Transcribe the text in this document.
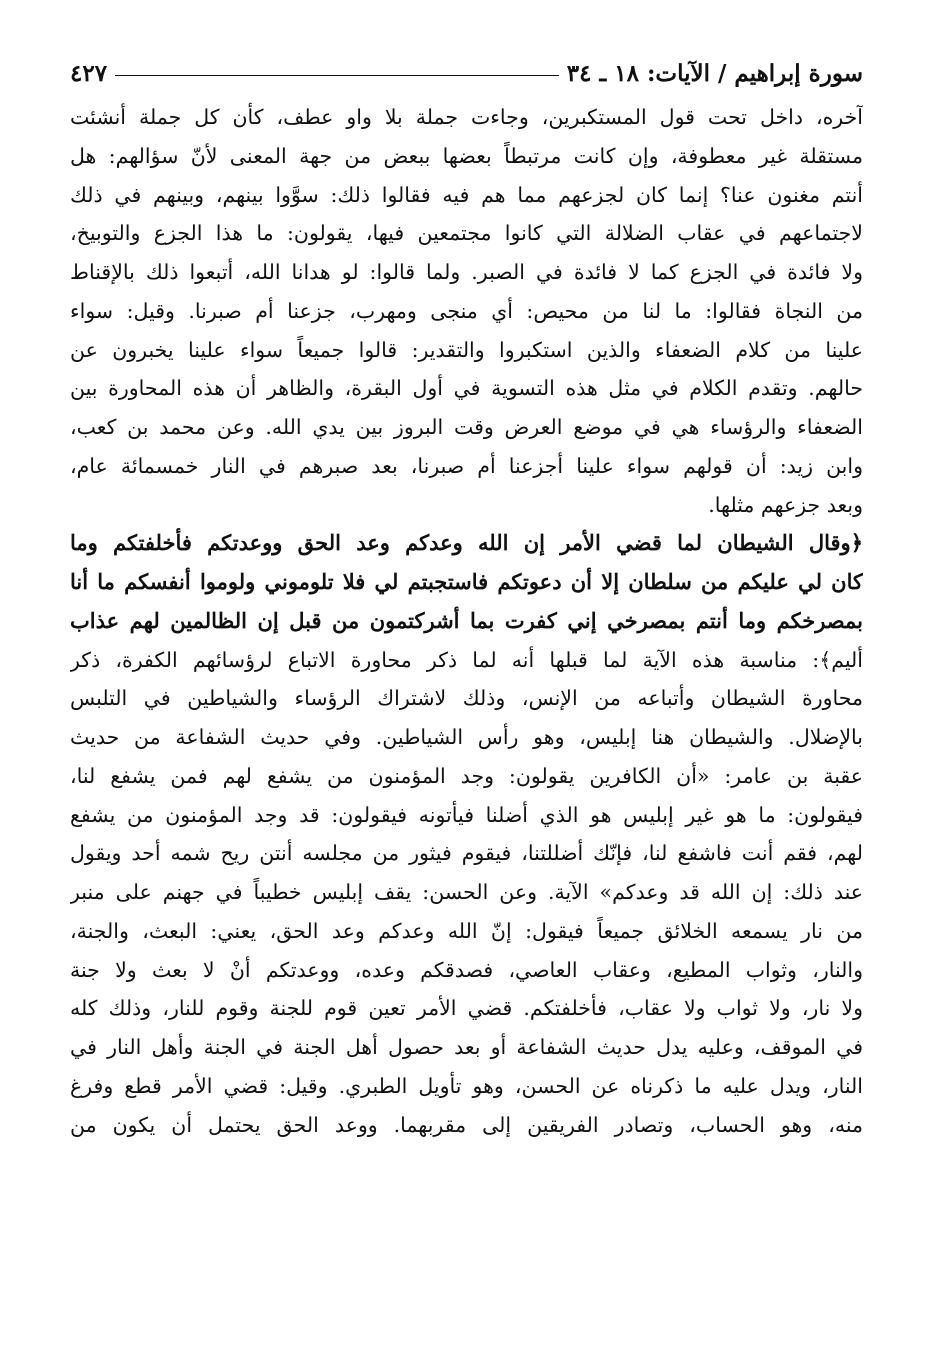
سورة إبراهيم / الآيات: ١٨ ـ ٣٤
٤٢٧
آخره، داخل تحت قول المستكبرين، وجاءت جملة بلا واو عطف، كأن كل جملة أنشئت
مستقلة غير معطوفة، وإن كانت مرتبطاً بعضها ببعض من جهة المعنى لأنّ سؤالهم: هل
أنتم مغنون عنا؟ إنما كان لجزعهم مما هم فيه فقالوا ذلك: سوَّوا بينهم، وبينهم في ذلك
لاجتماعهم في عقاب الضلالة التي كانوا مجتمعين فيها، يقولون: ما هذا الجزع والتوبيخ،
ولا فائدة في الجزع كما لا فائدة في الصبر. ولما قالوا: لو هدانا الله، أتبعوا ذلك بالإقناط
من النجاة فقالوا: ما لنا من محيص: أي منجى ومهرب، جزعنا أم صبرنا. وقيل: سواء
علينا من كلام الضعفاء والذين استكبروا والتقدير: قالوا جميعاً سواء علينا يخبرون عن
حالهم. وتقدم الكلام في مثل هذه التسوية في أول البقرة، والظاهر أن هذه المحاورة بين
الضعفاء والرؤساء هي في موضع العرض وقت البروز بين يدي الله. وعن محمد بن كعب،
وابن زيد: أن قولهم سواء علينا أجزعنا أم صبرنا، بعد صبرهم في النار خمسمائة عام،
وبعد جزعهم مثلها.
﴿وقال الشيطان لما قضي الأمر إن الله وعدكم وعد الحق ووعدتكم فأخلفتكم وما
كان لي عليكم من سلطان إلا أن دعوتكم فاستجبتم لي فلا تلوموني ولوموا أنفسكم ما أنا
بمصرخكم وما أنتم بمصرخي إني كفرت بما أشركتمون من قبل إن الظالمين لهم عذاب
أليم﴾: مناسبة هذه الآية لما قبلها أنه لما ذكر محاورة الاتباع لرؤسائهم الكفرة، ذكر
محاورة الشيطان وأتباعه من الإنس، وذلك لاشتراك الرؤساء والشياطين في التلبس
بالإضلال. والشيطان هنا إبليس، وهو رأس الشياطين. وفي حديث الشفاعة من حديث
عقبة بن عامر: «أن الكافرين يقولون: وجد المؤمنون من يشفع لهم فمن يشفع لنا،
فيقولون: ما هو غير إبليس هو الذي أضلنا فيأتونه فيقولون: قد وجد المؤمنون من يشفع
لهم، فقم أنت فاشفع لنا، فإنّك أضللتنا، فيقوم فيثور من مجلسه أنتن ريح شمه أحد ويقول
عند ذلك: إن الله قد وعدكم» الآية. وعن الحسن: يقف إبليس خطيباً في جهنم على منبر
من نار يسمعه الخلائق جميعاً فيقول: إنّ الله وعدكم وعد الحق، يعني: البعث، والجنة،
والنار، وثواب المطيع، وعقاب العاصي، فصدقكم وعده، ووعدتكم أنْ لا بعث ولا جنة
ولا نار، ولا ثواب ولا عقاب، فأخلفتكم. قضي الأمر تعين قوم للجنة وقوم للنار، وذلك كله
في الموقف، وعليه يدل حديث الشفاعة أو بعد حصول أهل الجنة في الجنة وأهل النار في
النار، ويدل عليه ما ذكرناه عن الحسن، وهو تأويل الطبري. وقيل: قضي الأمر قطع وفرغ
منه، وهو الحساب، وتصادر الفريقين إلى مقربهما. ووعد الحق يحتمل أن يكون من
